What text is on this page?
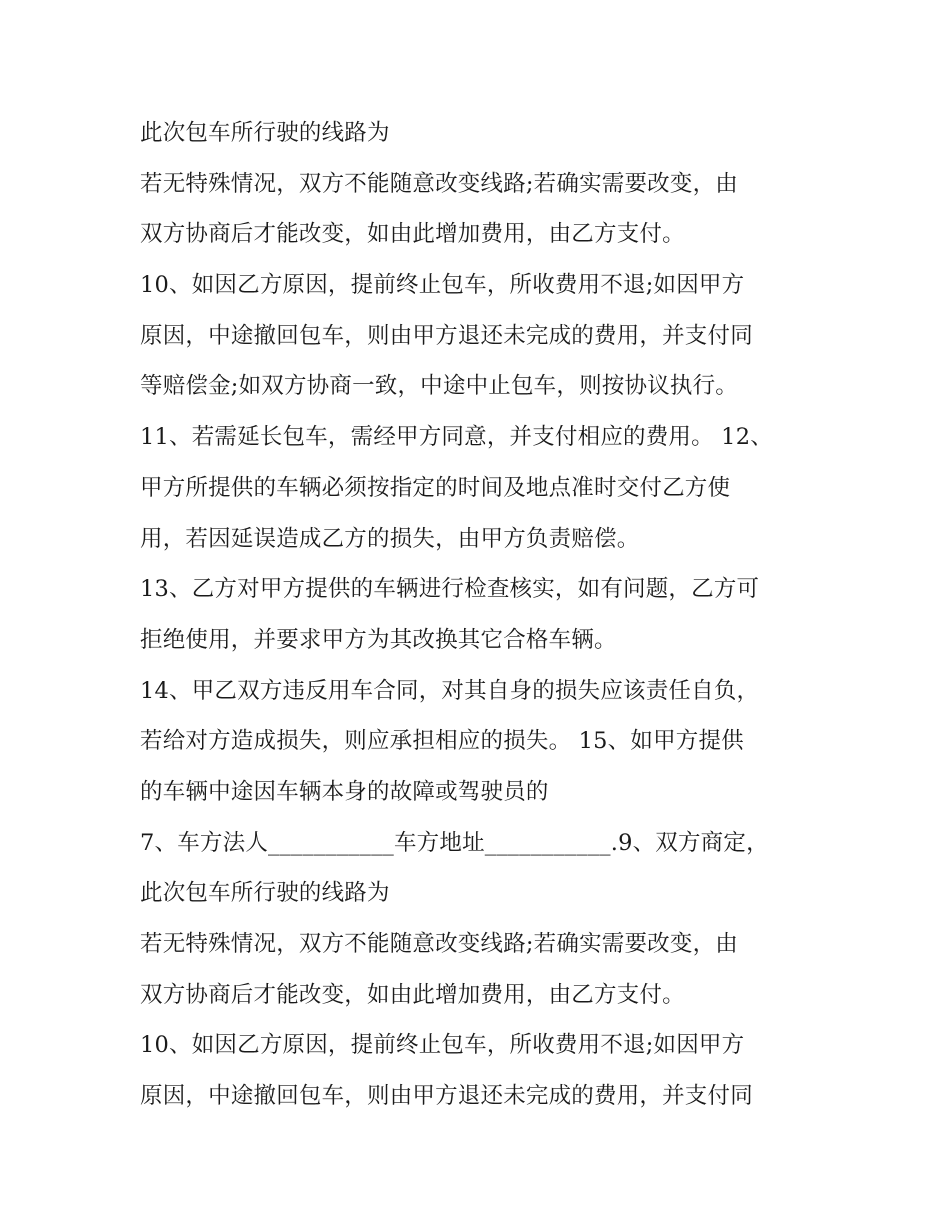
此次包车所行驶的线路为
若无特殊情况，双方不能随意改变线路;若确实需要改变，由
双方协商后才能改变，如由此增加费用，由乙方支付。
10、如因乙方原因，提前终止包车，所收费用不退;如因甲方
原因，中途撤回包车，则由甲方退还未完成的费用，并支付同
等赔偿金;如双方协商一致，中途中止包车，则按协议执行。
11、若需延长包车，需经甲方同意，并支付相应的费用。 12、
甲方所提供的车辆必须按指定的时间及地点准时交付乙方使
用，若因延误造成乙方的损失，由甲方负责赔偿。
13、乙方对甲方提供的车辆进行检查核实，如有问题，乙方可
拒绝使用，并要求甲方为其改换其它合格车辆。
14、甲乙双方违反用车合同，对其自身的损失应该责任自负，
若给对方造成损失，则应承担相应的损失。 15、如甲方提供
的车辆中途因车辆本身的故障或驾驶员的
7、车方法人___________车方地址___________.9、双方商定，
此次包车所行驶的线路为
若无特殊情况，双方不能随意改变线路;若确实需要改变，由
双方协商后才能改变，如由此增加费用，由乙方支付。
10、如因乙方原因，提前终止包车，所收费用不退;如因甲方
原因，中途撤回包车，则由甲方退还未完成的费用，并支付同
